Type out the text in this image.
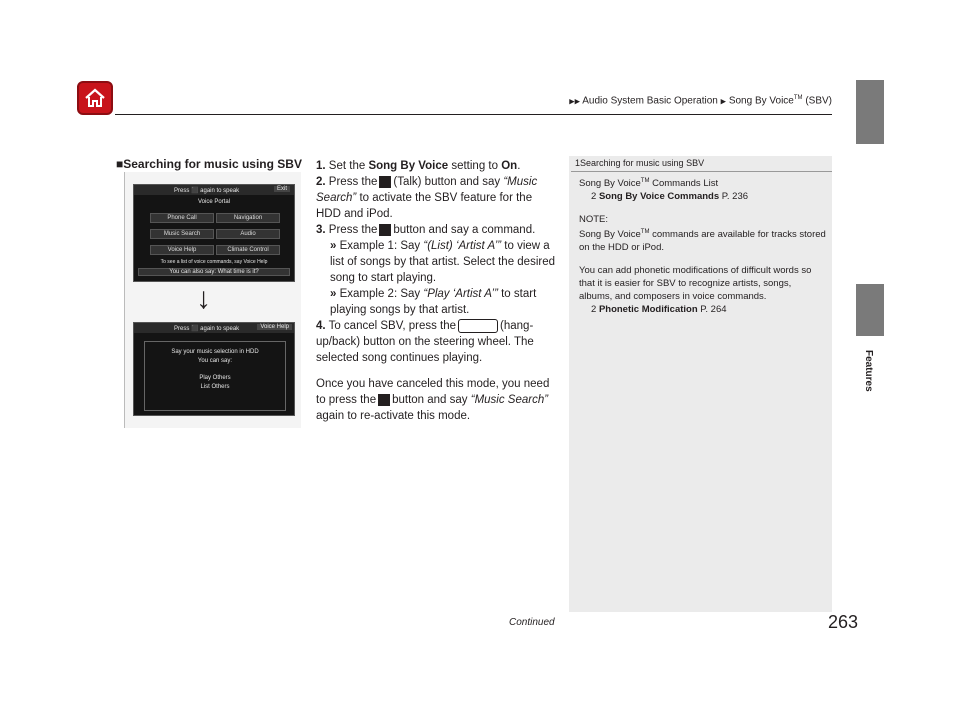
▶▶ Audio System Basic Operation ▶ Song By Voice™ (SBV)
Features
■Searching for music using SBV
Press ⬛ again to speak	Exit
Voice Portal
Phone Call	Navigation
Music Search	Audio
Voice Help	Climate Control
To see a list of voice commands, say Voice Help
You can also say: What time is it?
Press ⬛ again to speak	Voice Help
Say your music selection in HDD
You can say:
Play Others
List Others
↓

1. Set the Song By Voice setting to On.

2. Press the (Talk) button and say “Music Search” to activate the SBV feature for the HDD and iPod.

3. Press the button and say a command.

» Example 1: Say “(List) ‘Artist A’” to view a list of songs by that artist. Select the desired song to start playing.

» Example 2: Say “Play ‘Artist A’” to start playing songs by that artist.

4. To cancel SBV, press the	(hang-up/back) button on the steering wheel. The selected song continues playing.

Once you have canceled this mode, you need to press the button and say “Music Search” again to re-activate this mode.

1Searching for music using SBV

Song By Voice™ Commands List

2 Song By Voice Commands P. 236

NOTE:

Song By Voice™ commands are available for tracks stored on the HDD or iPod.

You can add phonetic modifications of difficult words so that it is easier for SBV to recognize artists, songs, albums, and composers in voice commands.

2 Phonetic Modification P. 264

Continued	263
